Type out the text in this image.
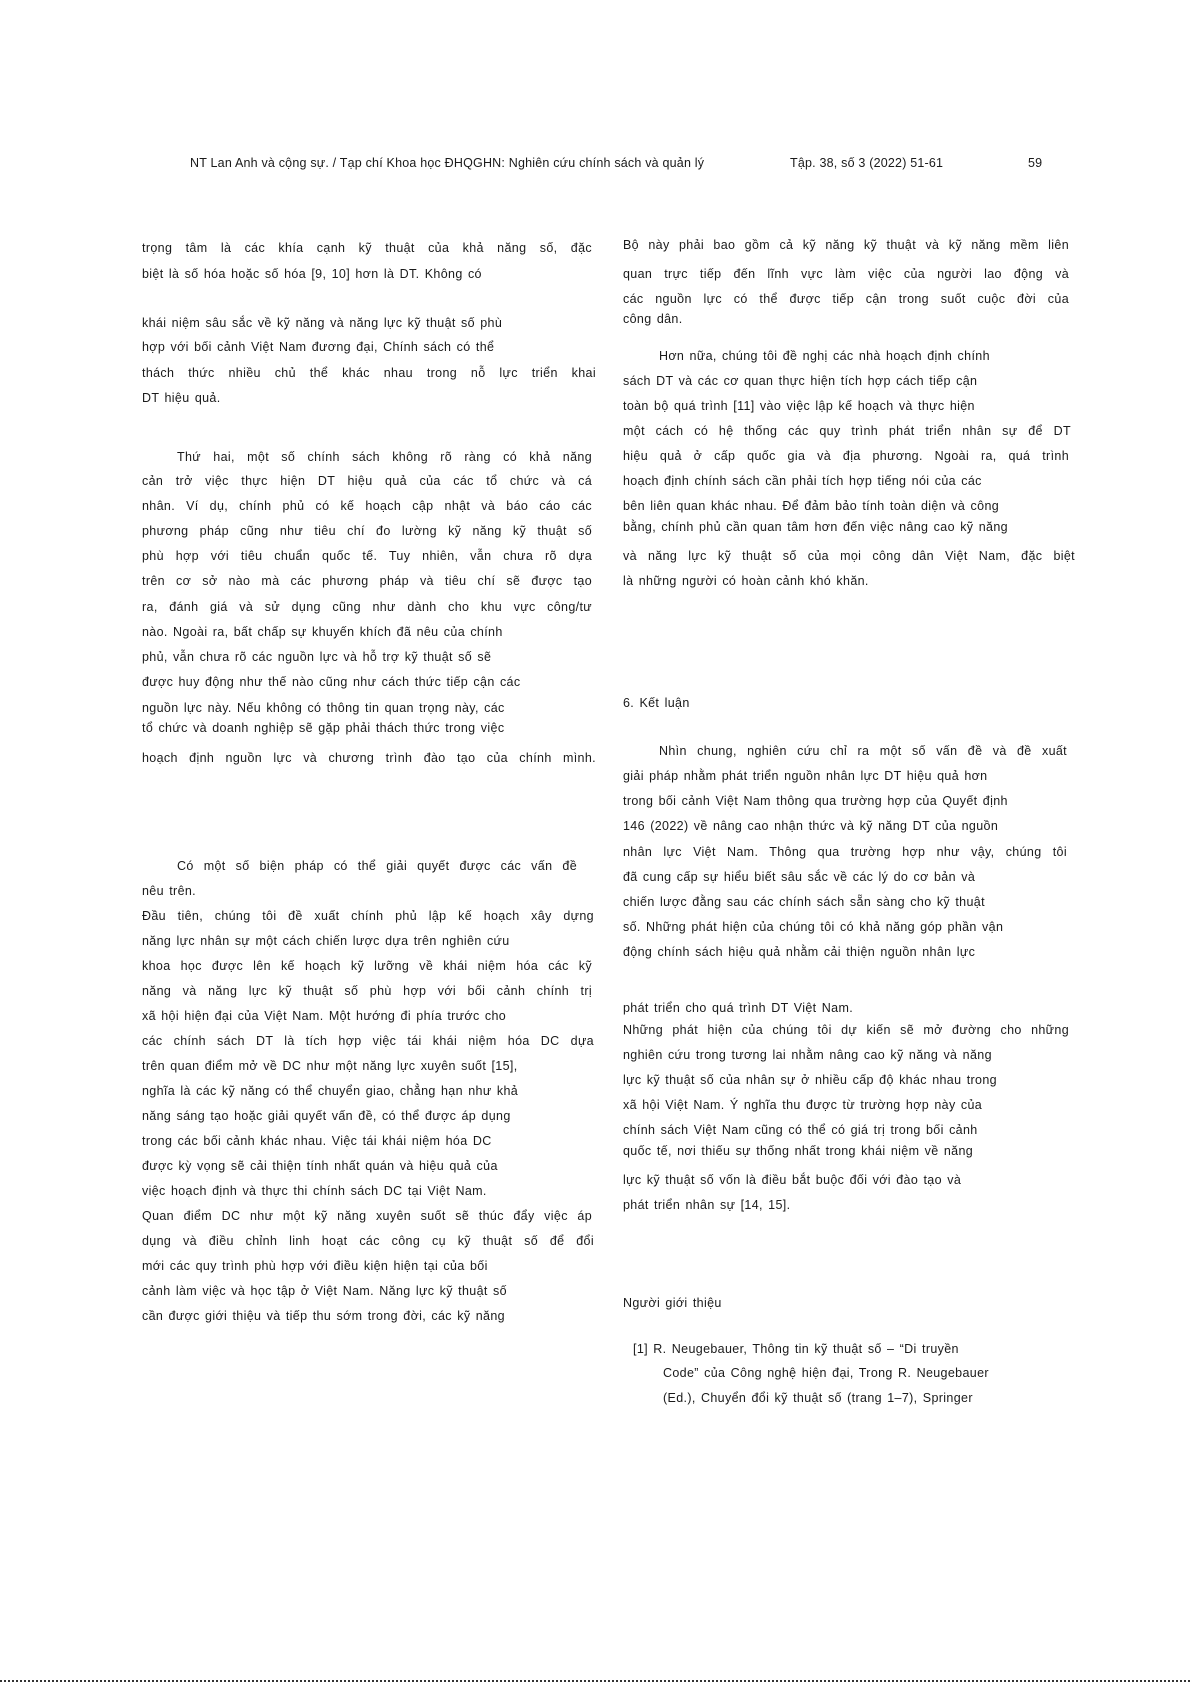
NT Lan Anh và cộng sự. / Tạp chí Khoa học ĐHQGHN: Nghiên cứu chính sách và quản lý	Tập. 38, số 3 (2022) 51-61	59
trọng tâm là các khía cạnh kỹ thuật của khả năng số, đặc
biệt là số hóa hoặc số hóa [9, 10] hơn là DT. Không có
khái niệm sâu sắc về kỹ năng và năng lực kỹ thuật số phù
hợp với bối cảnh Việt Nam đương đại, Chính sách có thể
thách thức nhiều chủ thể khác nhau trong nỗ lực triển khai
DT hiệu quả.
Thứ hai, một số chính sách không rõ ràng có khả năng
cản trở việc thực hiện DT hiệu quả của các tổ chức và cá
nhân. Ví dụ, chính phủ có kế hoạch cập nhật và báo cáo các
phương pháp cũng như tiêu chí đo lường kỹ năng kỹ thuật số
phù hợp với tiêu chuẩn quốc tế. Tuy nhiên, vẫn chưa rõ dựa
trên cơ sở nào mà các phương pháp và tiêu chí sẽ được tạo
ra, đánh giá và sử dụng cũng như dành cho khu vực công/tư
nào. Ngoài ra, bất chấp sự khuyến khích đã nêu của chính
phủ, vẫn chưa rõ các nguồn lực và hỗ trợ kỹ thuật số sẽ
được huy động như thế nào cũng như cách thức tiếp cận các
nguồn lực này. Nếu không có thông tin quan trọng này, các
tổ chức và doanh nghiệp sẽ gặp phải thách thức trong việc
hoạch định nguồn lực và chương trình đào tạo của chính mình.
Có một số biện pháp có thể giải quyết được các vấn đề
nêu trên.
Đầu tiên, chúng tôi đề xuất chính phủ lập kế hoạch xây dựng
năng lực nhân sự một cách chiến lược dựa trên nghiên cứu
khoa học được lên kế hoạch kỹ lưỡng về khái niệm hóa các kỹ
năng và năng lực kỹ thuật số phù hợp với bối cảnh chính trị
xã hội hiện đại của Việt Nam. Một hướng đi phía trước cho
các chính sách DT là tích hợp việc tái khái niệm hóa DC dựa
trên quan điểm mở về DC như một năng lực xuyên suốt [15],
nghĩa là các kỹ năng có thể chuyển giao, chẳng hạn như khả
năng sáng tạo hoặc giải quyết vấn đề, có thể được áp dụng
trong các bối cảnh khác nhau. Việc tái khái niệm hóa DC
được kỳ vọng sẽ cải thiện tính nhất quán và hiệu quả của
việc hoạch định và thực thi chính sách DC tại Việt Nam.
Quan điểm DC như một kỹ năng xuyên suốt sẽ thúc đẩy việc áp
dụng và điều chỉnh linh hoạt các công cụ kỹ thuật số để đổi
mới các quy trình phù hợp với điều kiện hiện tại của bối
cảnh làm việc và học tập ở Việt Nam. Năng lực kỹ thuật số
cần được giới thiệu và tiếp thu sớm trong đời, các kỹ năng
Bộ này phải bao gồm cả kỹ năng kỹ thuật và kỹ năng mềm liên
quan trực tiếp đến lĩnh vực làm việc của người lao động và
các nguồn lực có thể được tiếp cận trong suốt cuộc đời của
công dân.
Hơn nữa, chúng tôi đề nghị các nhà hoạch định chính
sách DT và các cơ quan thực hiện tích hợp cách tiếp cận
toàn bộ quá trình [11] vào việc lập kế hoạch và thực hiện
một cách có hệ thống các quy trình phát triển nhân sự để DT
hiệu quả ở cấp quốc gia và địa phương. Ngoài ra, quá trình
hoạch định chính sách cần phải tích hợp tiếng nói của các
bên liên quan khác nhau. Để đảm bảo tính toàn diện và công
bằng, chính phủ cần quan tâm hơn đến việc nâng cao kỹ năng
và năng lực kỹ thuật số của mọi công dân Việt Nam, đặc biệt
là những người có hoàn cảnh khó khăn.
6. Kết luận
Nhìn chung, nghiên cứu chỉ ra một số vấn đề và đề xuất
giải pháp nhằm phát triển nguồn nhân lực DT hiệu quả hơn
trong bối cảnh Việt Nam thông qua trường hợp của Quyết định
146 (2022) về nâng cao nhận thức và kỹ năng DT của nguồn
nhân lực Việt Nam. Thông qua trường hợp như vậy, chúng tôi
đã cung cấp sự hiểu biết sâu sắc về các lý do cơ bản và
chiến lược đằng sau các chính sách sẵn sàng cho kỹ thuật
số. Những phát hiện của chúng tôi có khả năng góp phần vận
động chính sách hiệu quả nhằm cải thiện nguồn nhân lực
phát triển cho quá trình DT Việt Nam.
Những phát hiện của chúng tôi dự kiến sẽ mở đường cho những
nghiên cứu trong tương lai nhằm nâng cao kỹ năng và năng
lực kỹ thuật số của nhân sự ở nhiều cấp độ khác nhau trong
xã hội Việt Nam. Ý nghĩa thu được từ trường hợp này của
chính sách Việt Nam cũng có thể có giá trị trong bối cảnh
quốc tế, nơi thiếu sự thống nhất trong khái niệm về năng
lực kỹ thuật số vốn là điều bắt buộc đối với đào tạo và
phát triển nhân sự [14, 15].
Người giới thiệu
[1] R. Neugebauer, Thông tin kỹ thuật số – “Di truyền
Code” của Công nghệ hiện đại, Trong R. Neugebauer
(Ed.), Chuyển đổi kỹ thuật số (trang 1–7), Springer
